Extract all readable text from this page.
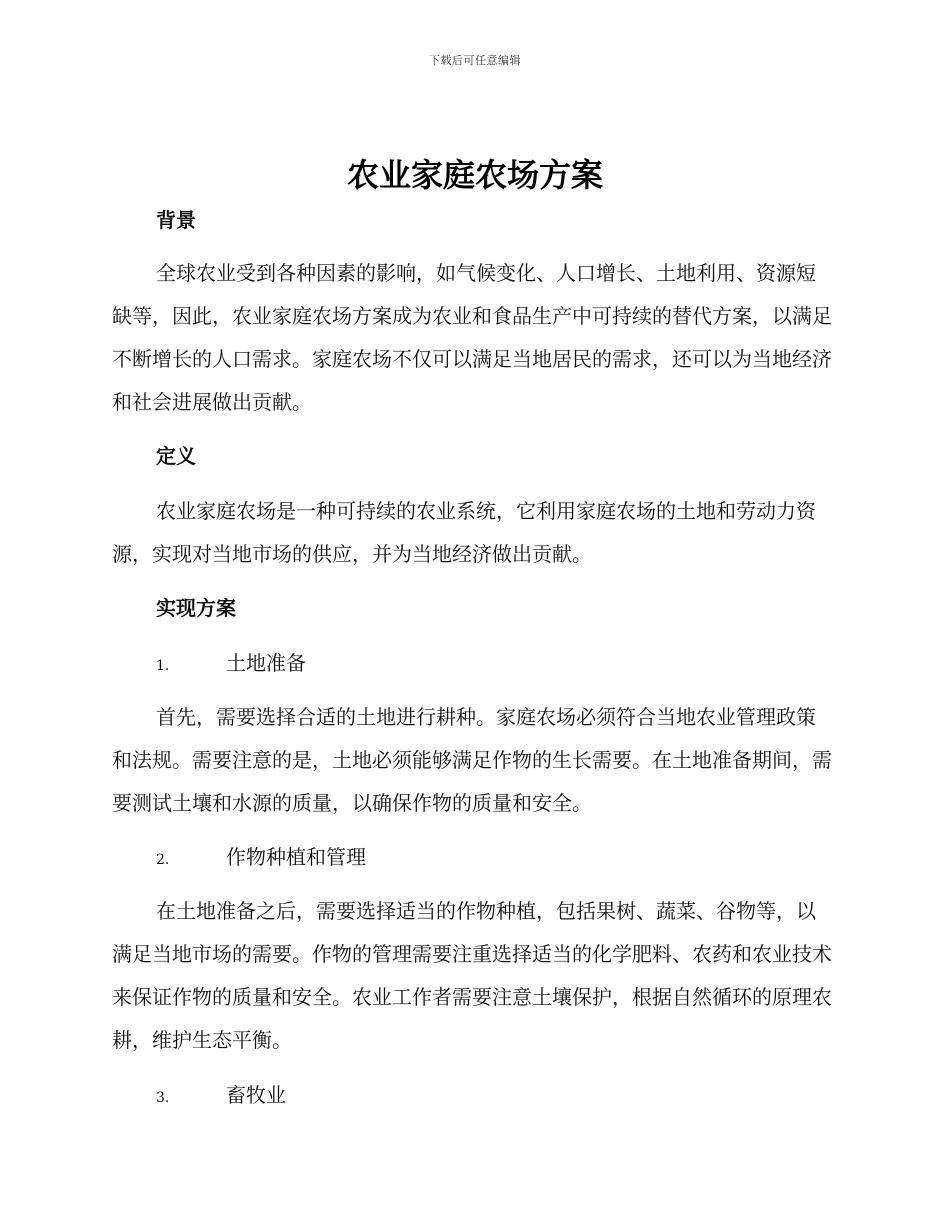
下载后可任意编辑
农业家庭农场方案
背景

全球农业受到各种因素的影响，如气候变化、人口增长、土地利用、资源短缺等，因此，农业家庭农场方案成为农业和食品生产中可持续的替代方案，以满足不断增长的人口需求。家庭农场不仅可以满足当地居民的需求，还可以为当地经济和社会进展做出贡献。

定义

农业家庭农场是一种可持续的农业系统，它利用家庭农场的土地和劳动力资源，实现对当地市场的供应，并为当地经济做出贡献。

实现方案
1.	土地准备

首先，需要选择合适的土地进行耕种。家庭农场必须符合当地农业管理政策和法规。需要注意的是，土地必须能够满足作物的生长需要。在土地准备期间，需要测试土壤和水源的质量，以确保作物的质量和安全。

2.	作物种植和管理

在土地准备之后，需要选择适当的作物种植，包括果树、蔬菜、谷物等，以满足当地市场的需要。作物的管理需要注重选择适当的化学肥料、农药和农业技术来保证作物的质量和安全。农业工作者需要注意土壤保护，根据自然循环的原理农耕，维护生态平衡。

3.	畜牧业
